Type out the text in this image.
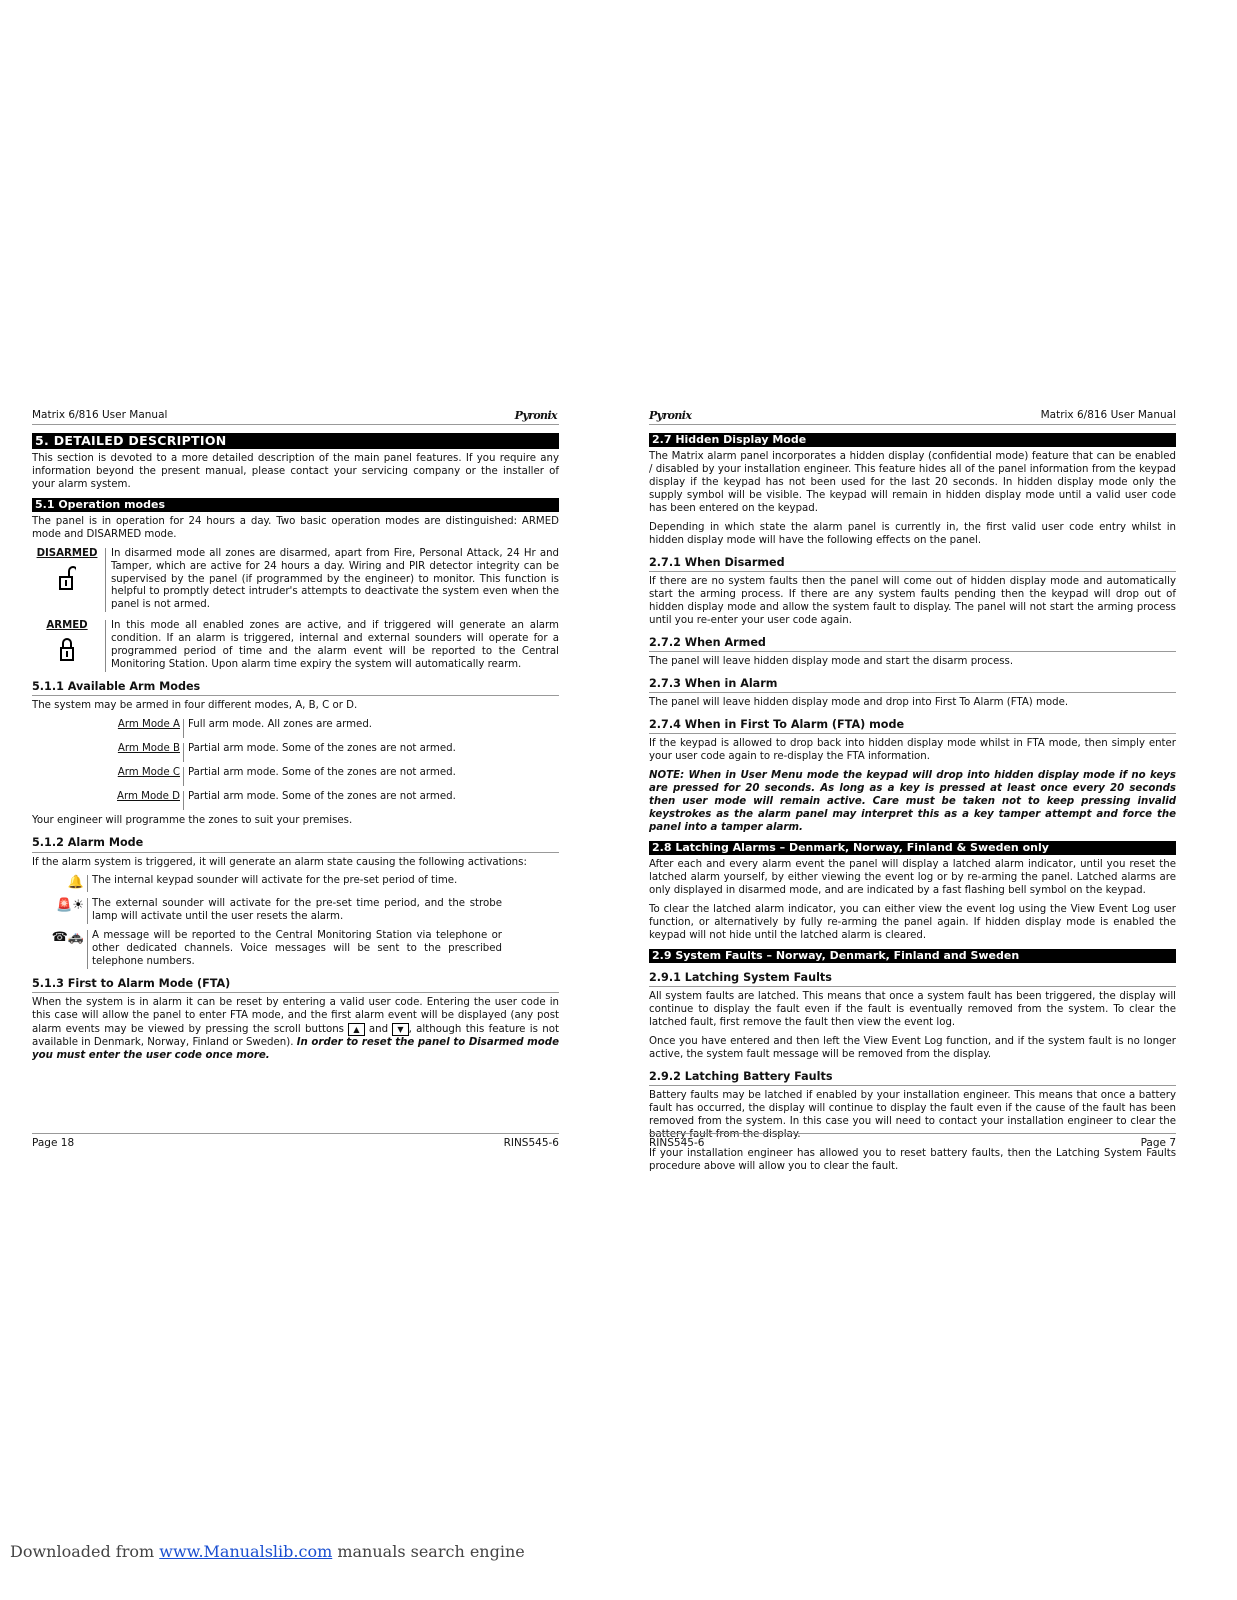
Matrix 6/816 User Manual	Pyronix
5. DETAILED DESCRIPTION

This section is devoted to a more detailed description of the main panel features. If you require any information beyond the present manual, please contact your servicing company or the installer of your alarm system.

5.1 Operation modes

The panel is in operation for 24 hours a day. Two basic operation modes are distinguished: ARMED mode and DISARMED mode.

DISARMED	In disarmed mode all zones are disarmed, apart from Fire, Personal Attack, 24 Hr and Tamper, which are active for 24 hours a day. Wiring and PIR detector integrity can be supervised by the panel (if programmed by the engineer) to monitor. This function is helpful to promptly detect intruder's attempts to deactivate the system even when the panel is not armed.
ARMED	In this mode all enabled zones are active, and if triggered will generate an alarm condition. If an alarm is triggered, internal and external sounders will operate for a programmed period of time and the alarm event will be reported to the Central Monitoring Station. Upon alarm time expiry the system will automatically rearm.
5.1.1 Available Arm Modes

The system may be armed in four different modes, A, B, C or D.

Arm Mode A Full arm mode. All zones are armed.
Arm Mode B Partial arm mode. Some of the zones are not armed.
Arm Mode C Partial arm mode. Some of the zones are not armed.
Arm Mode D Partial arm mode. Some of the zones are not armed.

Your engineer will programme the zones to suit your premises.

5.1.2 Alarm Mode

If the alarm system is triggered, it will generate an alarm state causing the following activations:

🔔 The internal keypad sounder will activate for the pre-set period of time.
🚨☀ The external sounder will activate for the pre-set time period, and the strobe lamp will activate until the user resets the alarm.
☎🚓 A message will be reported to the Central Monitoring Station via telephone or other dedicated channels. Voice messages will be sent to the prescribed telephone numbers.
5.1.3 First to Alarm Mode (FTA)

When the system is in alarm it can be reset by entering a valid user code. Entering the user code in this case will allow the panel to enter FTA mode, and the first alarm event will be displayed (any post alarm events may be viewed by pressing the scroll buttons ▲ and ▼ , although this feature is not available in Denmark, Norway, Finland or Sweden). In order to reset the panel to Disarmed mode you must enter the user code once more.

Page 18	RINS545-6
Pyronix	Matrix 6/816 User Manual
2.7 Hidden Display Mode

The Matrix alarm panel incorporates a hidden display (confidential mode) feature that can be enabled / disabled by your installation engineer. This feature hides all of the panel information from the keypad display if the keypad has not been used for the last 20 seconds. In hidden display mode only the supply symbol will be visible. The keypad will remain in hidden display mode until a valid user code has been entered on the keypad.

Depending in which state the alarm panel is currently in, the first valid user code entry whilst in hidden display mode will have the following effects on the panel.

2.7.1 When Disarmed

If there are no system faults then the panel will come out of hidden display mode and automatically start the arming process. If there are any system faults pending then the keypad will drop out of hidden display mode and allow the system fault to display. The panel will not start the arming process until you re-enter your user code again.

2.7.2 When Armed

The panel will leave hidden display mode and start the disarm process.

2.7.3 When in Alarm

The panel will leave hidden display mode and drop into First To Alarm (FTA) mode.

2.7.4 When in First To Alarm (FTA) mode

If the keypad is allowed to drop back into hidden display mode whilst in FTA mode, then simply enter your user code again to re-display the FTA information.

NOTE: When in User Menu mode the keypad will drop into hidden display mode if no keys are pressed for 20 seconds. As long as a key is pressed at least once every 20 seconds then user mode will remain active. Care must be taken not to keep pressing invalid keystrokes as the alarm panel may interpret this as a key tamper attempt and force the panel into a tamper alarm.

2.8 Latching Alarms – Denmark, Norway, Finland & Sweden only

After each and every alarm event the panel will display a latched alarm indicator, until you reset the latched alarm yourself, by either viewing the event log or by re-arming the panel. Latched alarms are only displayed in disarmed mode, and are indicated by a fast flashing bell symbol on the keypad.

To clear the latched alarm indicator, you can either view the event log using the View Event Log user function, or alternatively by fully re-arming the panel again. If hidden display mode is enabled the keypad will not hide until the latched alarm is cleared.

2.9 System Faults – Norway, Denmark, Finland and Sweden
2.9.1 Latching System Faults

All system faults are latched. This means that once a system fault has been triggered, the display will continue to display the fault even if the fault is eventually removed from the system. To clear the latched fault, first remove the fault then view the event log.

Once you have entered and then left the View Event Log function, and if the system fault is no longer active, the system fault message will be removed from the display.

2.9.2 Latching Battery Faults

Battery faults may be latched if enabled by your installation engineer. This means that once a battery fault has occurred, the display will continue to display the fault even if the cause of the fault has been removed from the system. In this case you will need to contact your installation engineer to clear the battery fault from the display.

If your installation engineer has allowed you to reset battery faults, then the Latching System Faults procedure above will allow you to clear the fault.

RINS545-6	Page 7
Downloaded from www.Manualslib.com manuals search engine
